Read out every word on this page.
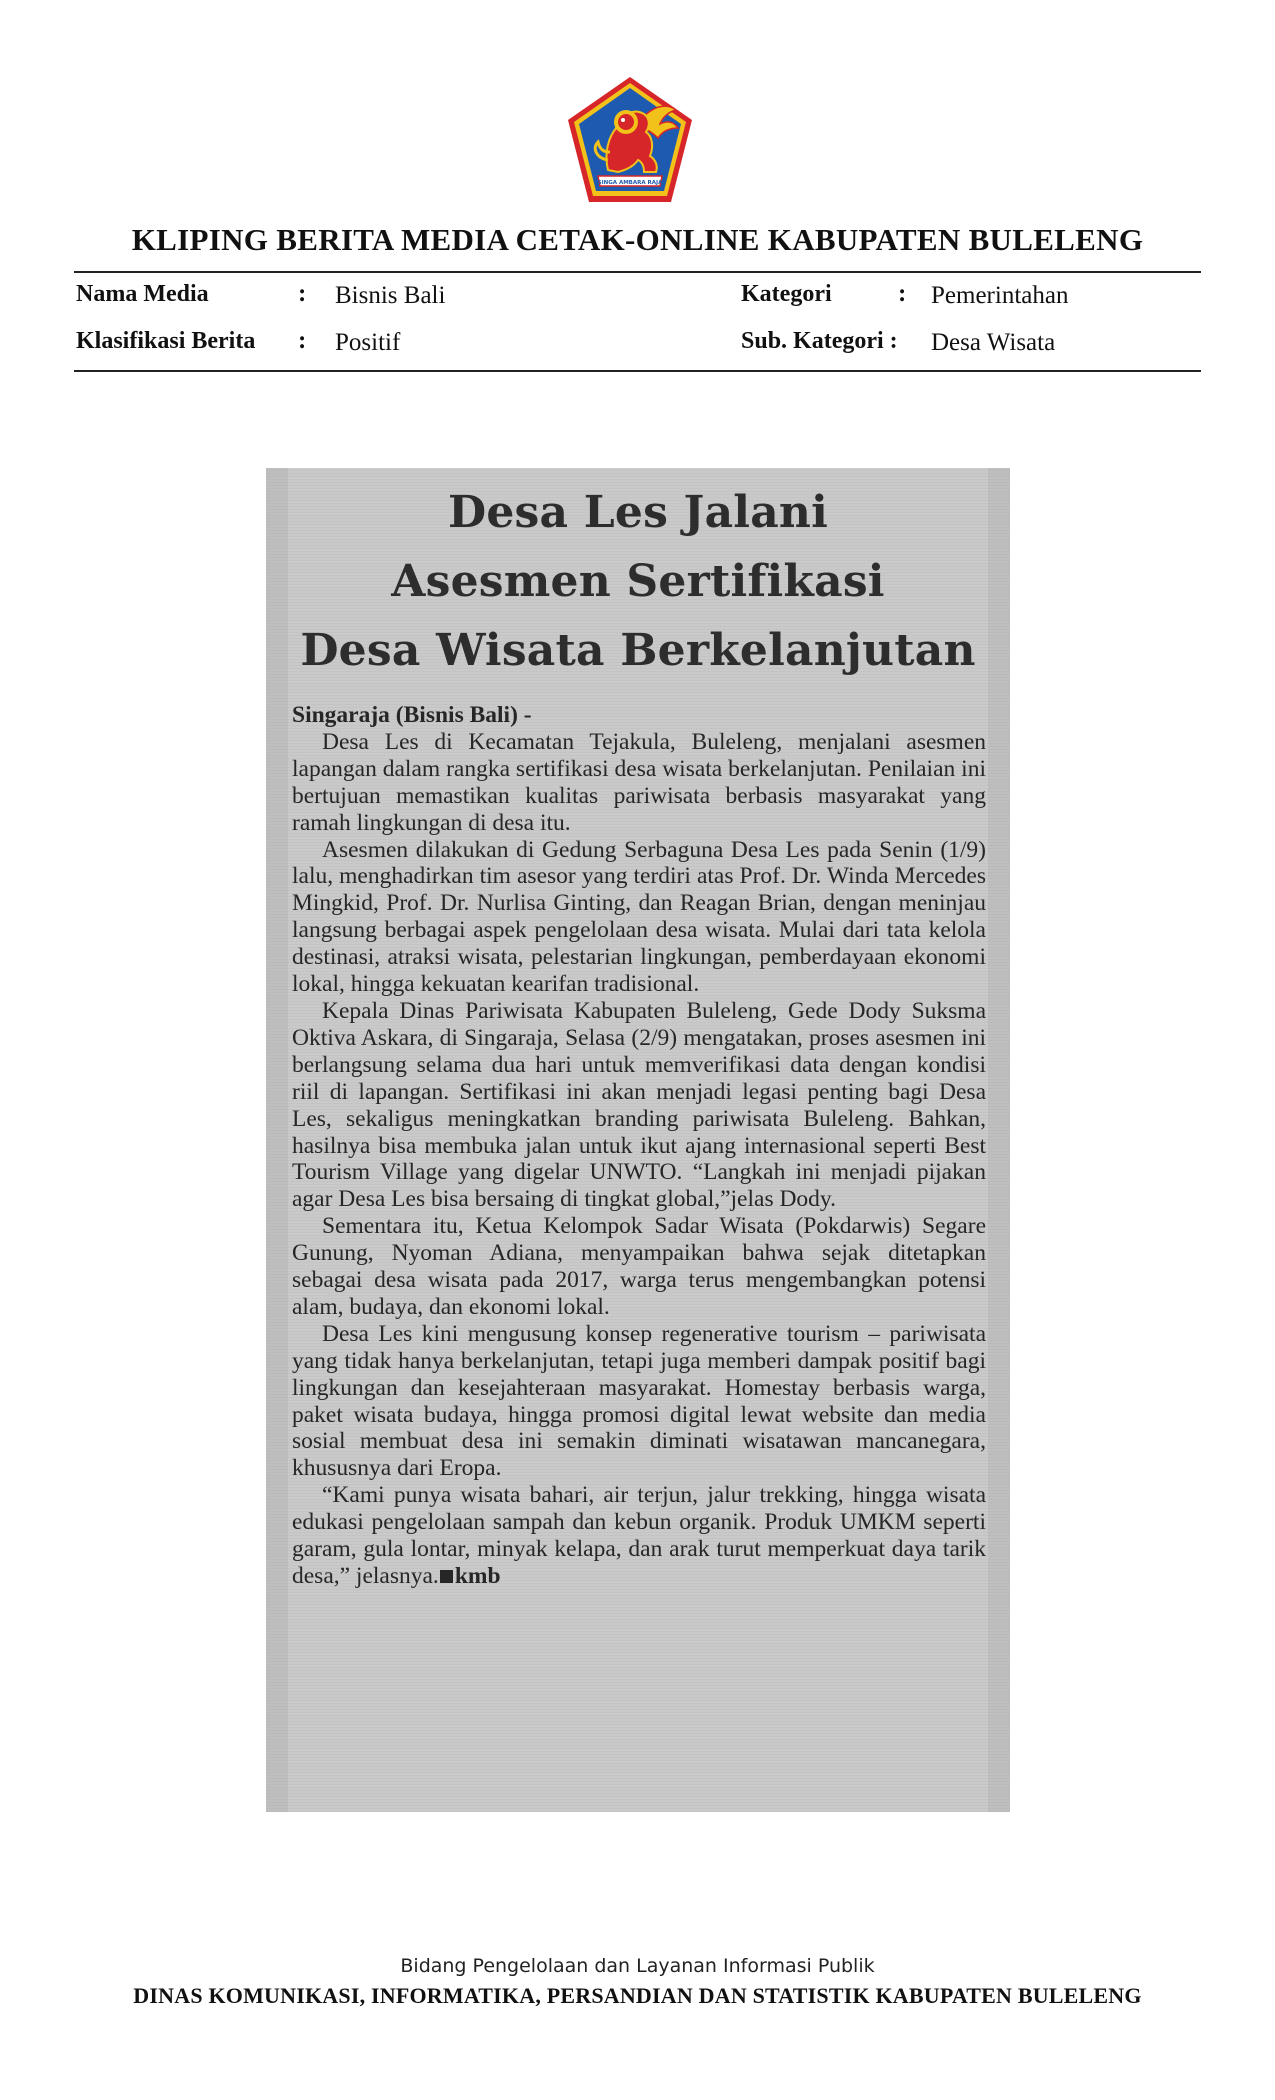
SINGA AMBARA RAJA
KLIPING BERITA MEDIA CETAK-ONLINE KABUPATEN BULELENG
Nama Media	: Bisnis Bali	Kategori	: Pemerintahan
Klasifikasi Berita : Positif	Sub. Kategori : Desa Wisata
Desa Les Jalani
Asesmen Sertifikasi
Desa Wisata Berkelanjutan
Singaraja (Bisnis Bali) -

Desa Les di Kecamatan Tejakula, Buleleng, menjalani asesmen lapangan dalam rangka sertifikasi desa wisata berkelanjutan. Penilaian ini bertujuan memastikan kualitas pariwisata berbasis masyarakat yang ramah lingkungan di desa itu.

Asesmen dilakukan di Gedung Serbaguna Desa Les pada Senin (1/9) lalu, menghadirkan tim asesor yang terdiri atas Prof. Dr. Winda Mercedes Mingkid, Prof. Dr. Nurlisa Ginting, dan Reagan Brian, dengan meninjau langsung berbagai aspek pengelolaan desa wisata. Mulai dari tata kelola destinasi, atraksi wisata, pelestarian lingkungan, pemberdayaan ekonomi lokal, hingga kekuatan kearifan tradisional.

Kepala Dinas Pariwisata Kabupaten Buleleng, Gede Dody Suksma Oktiva Askara, di Singaraja, Selasa (2/9) mengatakan, proses asesmen ini berlangsung selama dua hari untuk memverifikasi data dengan kondisi riil di lapangan. Sertifikasi ini akan menjadi legasi penting bagi Desa Les, sekaligus meningkatkan branding pariwisata Buleleng. Bahkan, hasilnya bisa membuka jalan untuk ikut ajang internasional seperti Best Tourism Village yang digelar UNWTO. “Langkah ini menjadi pijakan agar Desa Les bisa bersaing di tingkat global,”jelas Dody.

Sementara itu, Ketua Kelompok Sadar Wisata (Pokdarwis) Segare Gunung, Nyoman Adiana, menyampaikan bahwa sejak ditetapkan sebagai desa wisata pada 2017, warga terus mengembangkan potensi alam, budaya, dan ekonomi lokal.

Desa Les kini mengusung konsep regenerative tourism – pariwisata yang tidak hanya berkelanjutan, tetapi juga memberi dampak positif bagi lingkungan dan kesejahteraan masyarakat. Homestay berbasis warga, paket wisata budaya, hingga promosi digital lewat website dan media sosial membuat desa ini semakin diminati wisatawan mancanegara, khususnya dari Eropa.

“Kami punya wisata bahari, air terjun, jalur trekking, hingga wisata edukasi pengelolaan sampah dan kebun organik. Produk UMKM seperti garam, gula lontar, minyak kelapa, dan arak turut memperkuat daya tarik desa,” jelasnya. kmb

Bidang Pengelolaan dan Layanan Informasi Publik
DINAS KOMUNIKASI, INFORMATIKA, PERSANDIAN DAN STATISTIK KABUPATEN BULELENG
